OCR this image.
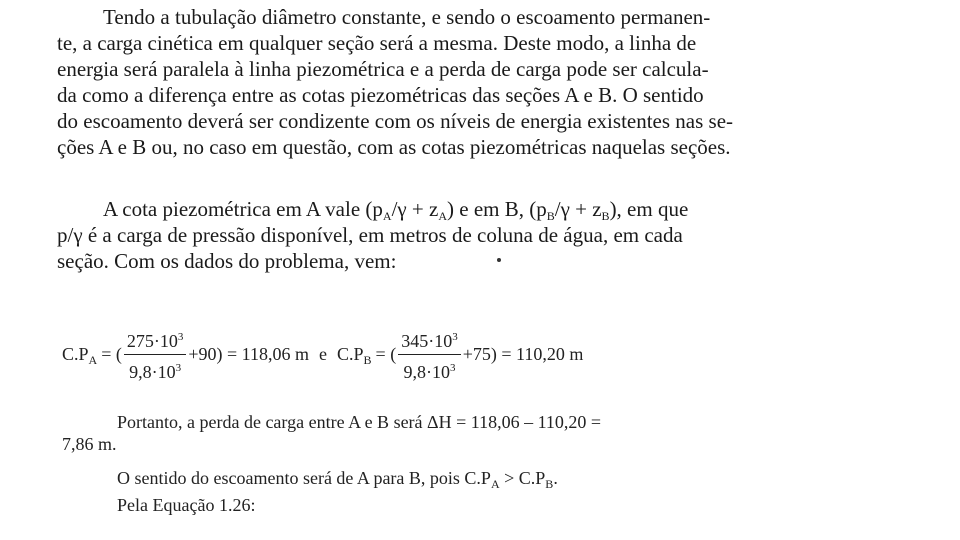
Tendo a tubulação diâmetro constante, e sendo o escoamento permanen-
te, a carga cinética em qualquer seção será a mesma. Deste modo, a linha de
energia será paralela à linha piezométrica e a perda de carga pode ser calcula-
da como a diferença entre as cotas piezométricas das seções A e B. O sentido
do escoamento deverá ser condizente com os níveis de energia existentes nas se-
ções A e B ou, no caso em questão, com as cotas piezométricas naquelas seções.
A cota piezométrica em A vale (pA/γ + zA) e em B, (pB/γ + zB), em que
p/γ é a carga de pressão disponível, em metros de coluna de água, em cada
seção. Com os dados do problema, vem:
C.P A = ( $\frac{275\cdot 10^3}{9,8\cdot 10^3} +90) = 118,06$ m e C.P B = ( $\frac{345\cdot 10^3}{9,8\cdot 10^3} +75) = 110,20$ m
Portanto, a perda de carga entre A e B será ΔH = 118,06 – 110,20 =
7,86 m.
O sentido do escoamento será de A para B, pois $C.P_A > C.P_B$.
Pela Equação 1.26:
